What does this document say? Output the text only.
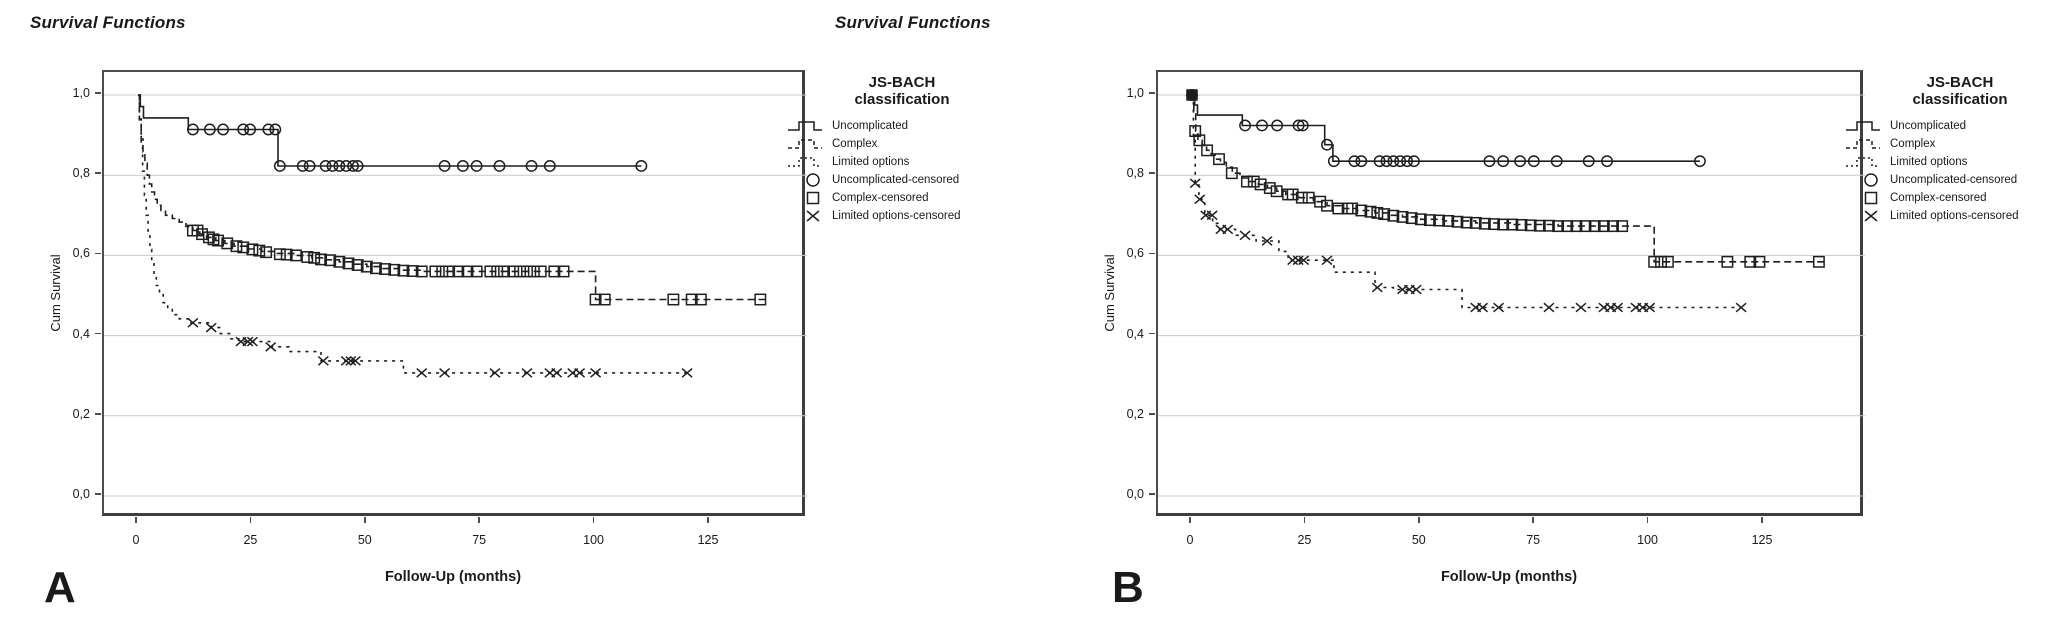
Survival Functions
Cum Survival
Follow-Up (months)
A
JS-BACH
classification
Uncomplicated
Complex
Limited options
Uncomplicated-censored
Complex-censored
Limited options-censored
Survival Functions
Cum Survival
Follow-Up (months)
B
JS-BACH
classification
Uncomplicated
Complex
Limited options
Uncomplicated-censored
Complex-censored
Limited options-censored
1,0
0,8
0,6
0,4
0,2
0,0
0	25	50	75	100	125
1,0
0,8
0,6
0,4
0,2
0,0
0	25	50	75	100	125
